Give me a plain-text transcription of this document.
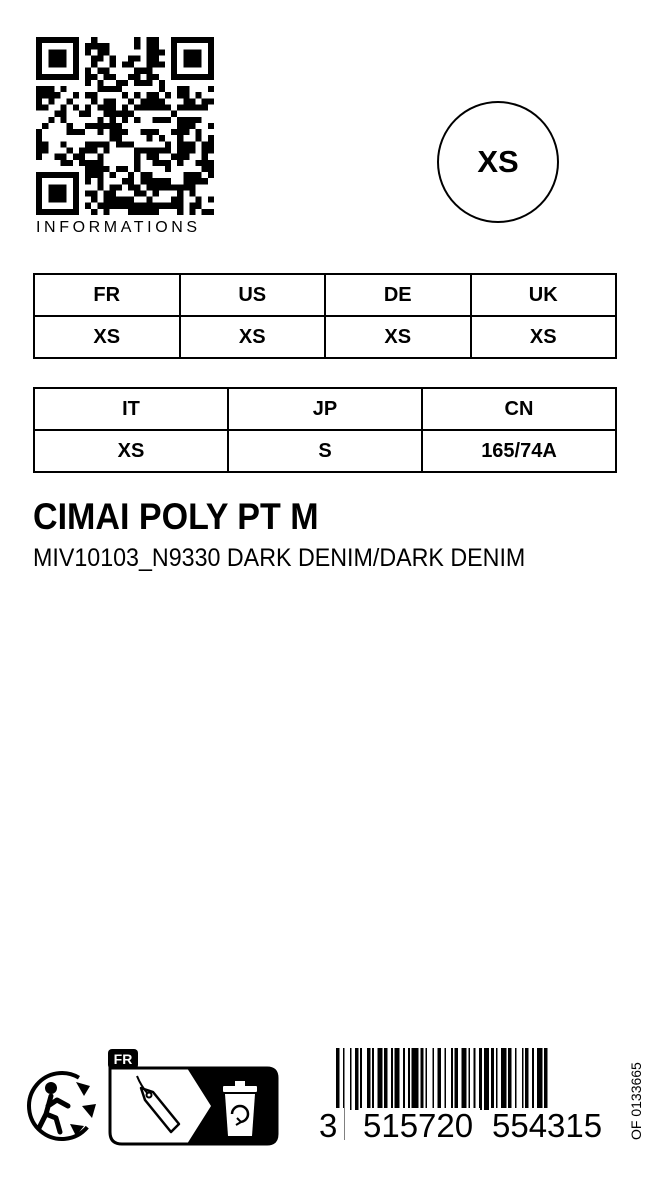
INFORMATIONS
XS
FR	US	DE	UK
XS	XS	XS	XS
IT	JP	CN
XS	S	165/74A
CIMAI POLY PT M
MIV10103_N9330 DARK DENIM/DARK DENIM
FR
3 515720 554315	OF 0133665
